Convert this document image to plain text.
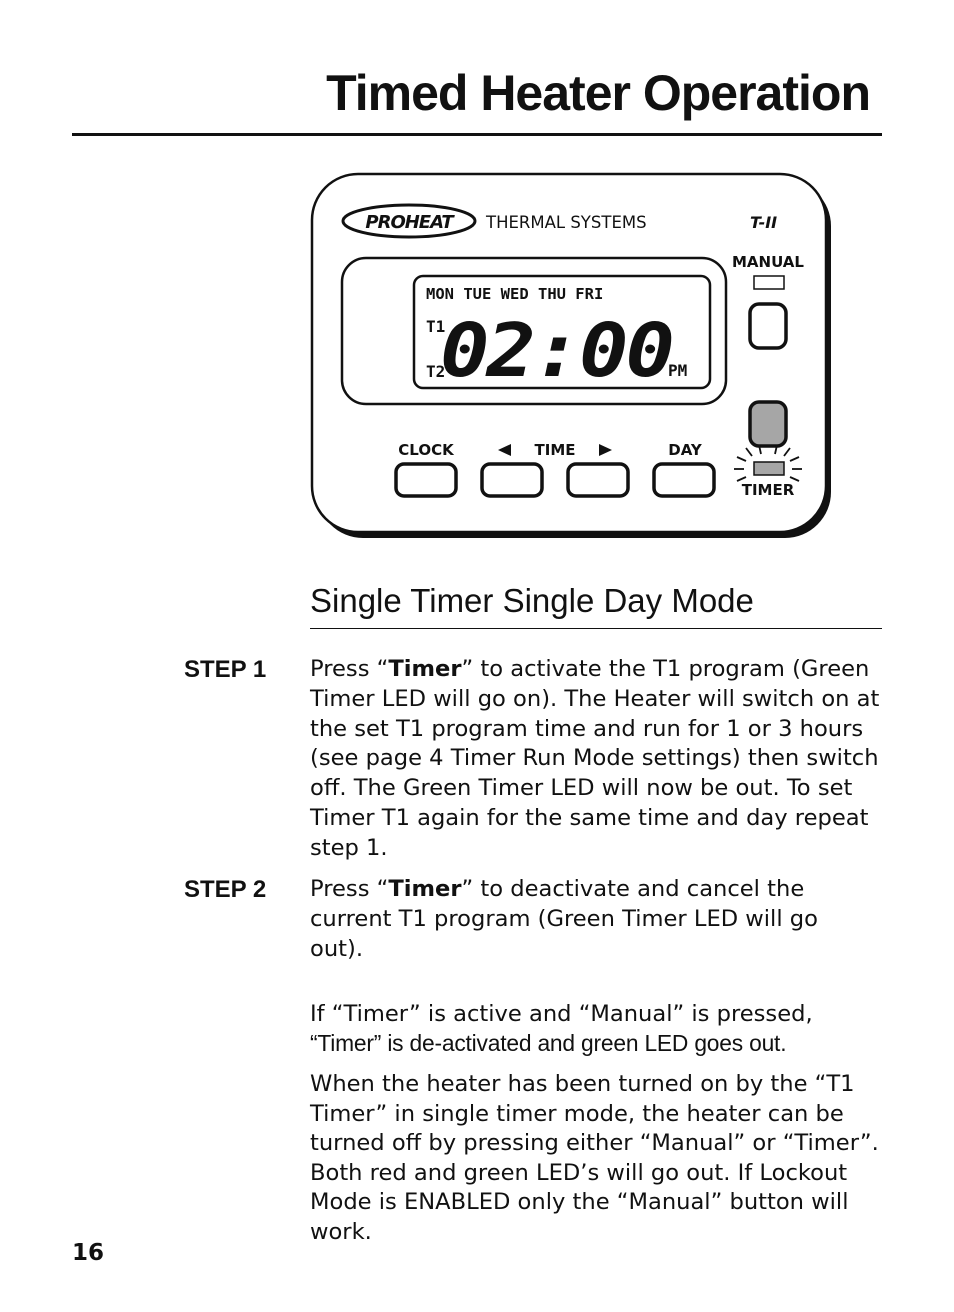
Timed Heater Operation
PROHEAT THERMAL SYSTEMS	T-II
MANUAL
MON TUE WED THU FRI
T1
T2
02:00
PM
TIMER
CLOCK	TIME	DAY
Single Timer Single Day Mode
STEP 1 Press “Timer” to activate the T1 program (Green Timer LED will go on). The Heater will switch on at the set T1 program time and run for 1 or 3 hours (see page 4 Timer Run Mode settings) then switch off. The Green Timer LED will now be out. To set Timer T1 again for the same time and day repeat step 1.

STEP 2 Press “Timer” to deactivate and cancel the current T1 program (Green Timer LED will go out).

If “Timer” is active and “Manual” is pressed,

“Timer” is de-activated and green LED goes out.

When the heater has been turned on by the “T1 Timer” in single timer mode, the heater can be turned off by pressing either “Manual” or “Timer”. Both red and green LED’s will go out. If Lockout Mode is ENABLED only the “Manual” button will work.

16
